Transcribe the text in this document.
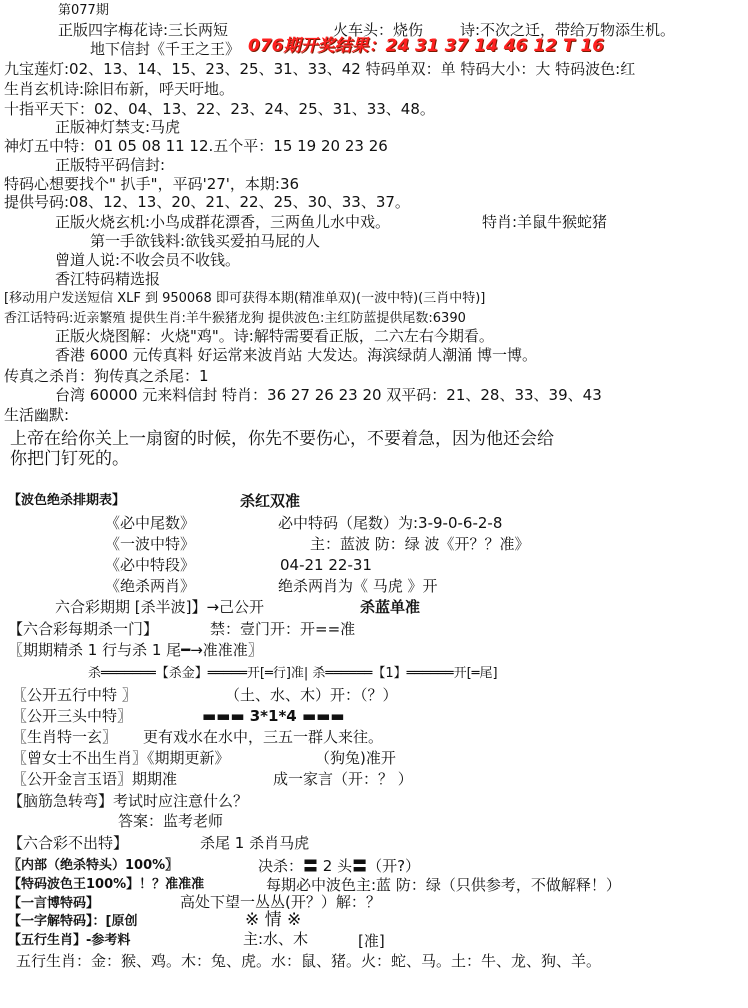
第077期
正版四字梅花诗:三长两短	火车头：烧伤 诗:不次之迁，带给万物添生机。
地下信封《千王之王》 076期开奖结果：24 31 37 14 46 12 T 16
九宝莲灯:02、13、14、15、23、25、31、33、42 特码单双：单 特码大小：大 特码波色:红
生肖玄机诗:除旧布新，呼天吁地。
十指平天下：02、04、13、22、23、24、25、31、33、48。
正版神灯禁支:马虎
神灯五中特：01 05 08 11 12.五个平：15 19 20 23 26
正版特平码信封:
特码心想要找个" 扒手"，平码'27'，本期:36
提供号码:08、12、13、20、21、22、25、30、33、37。
正版火烧玄机:小鸟成群花漂香，三两鱼儿水中戏。	特肖:羊鼠牛猴蛇猪
第一手欲钱料:欲钱买爱拍马屁的人
曾道人说:不收会员不收钱。
香江特码精选报
[移动用户发送短信 XLF 到 950068 即可获得本期(精准单双)(一波中特)(三肖中特)]
香江话特码:近亲繁殖 提供生肖:羊牛猴猪龙狗 提供波色:主红防蓝提供尾数:6390
正版火烧图解：火烧"鸡"。诗:解特需要看正版，二六左右今期看。
香港 6000 元传真料 好运常来波肖站 大发达。海滨绿荫人潮涌 博一博。
传真之杀肖：狗传真之杀尾：1
台湾 60000 元来料信封 特肖：36 27 26 23 20 双平码：21、28、33、39、43
生活幽默:
上帝在给你关上一扇窗的时候，你先不要伤心，不要着急，因为他还会给
你把门钉死的。
【波色绝杀排期表】	杀红双准
《必中尾数》	必中特码（尾数）为:3-9-0-6-2-8
《一波中特》	主：蓝波 防：绿 波《开？？准》
《必中特段》	04-21 22-31
《绝杀两肖》	绝杀两肖为《 马虎 》开
六合彩期期 [杀半波]】→己公开	杀蓝单准
【六合彩每期杀一门】	禁：壹门开：开==准
〖期期精杀 1 行与杀 1 尾━→准准准〗
杀═══════【杀金】═════开[═行]准| 杀══════【1】══════开[═尾]
〖公开五行中特 〗	（土、水、木）开：（？）
〖公开三头中特〗	▬▬▬ 3*1*4 ▬▬▬
〖生肖特一玄〗 更有戏水在水中，三五一群人来往。
〖曾女士不出生肖〗《期期更新》	（狗兔)准开
〖公开金言玉语〗期期准	成一家言（开：？ ）
【脑筋急转弯】考试时应注意什么？
答案：监考老师
【六合彩不出特】	杀尾 1 杀肖马虎
〖内部（绝杀特头）100%〗	决杀：〓 2 头〓（开?）
【特码波色王100%】！？准准准	每期必中波色主:蓝 防：绿（只供参考，不做解释！）
【一言博特码】	高处下望一丛丛(开？）解：？
【一字解特码】：[原创	※ 情 ※
【五行生肖】-参考料	主:水、木	[准]
五行生肖：金：猴、鸡。木：兔、虎。水：鼠、猪。火：蛇、马。土：牛、龙、狗、羊。
